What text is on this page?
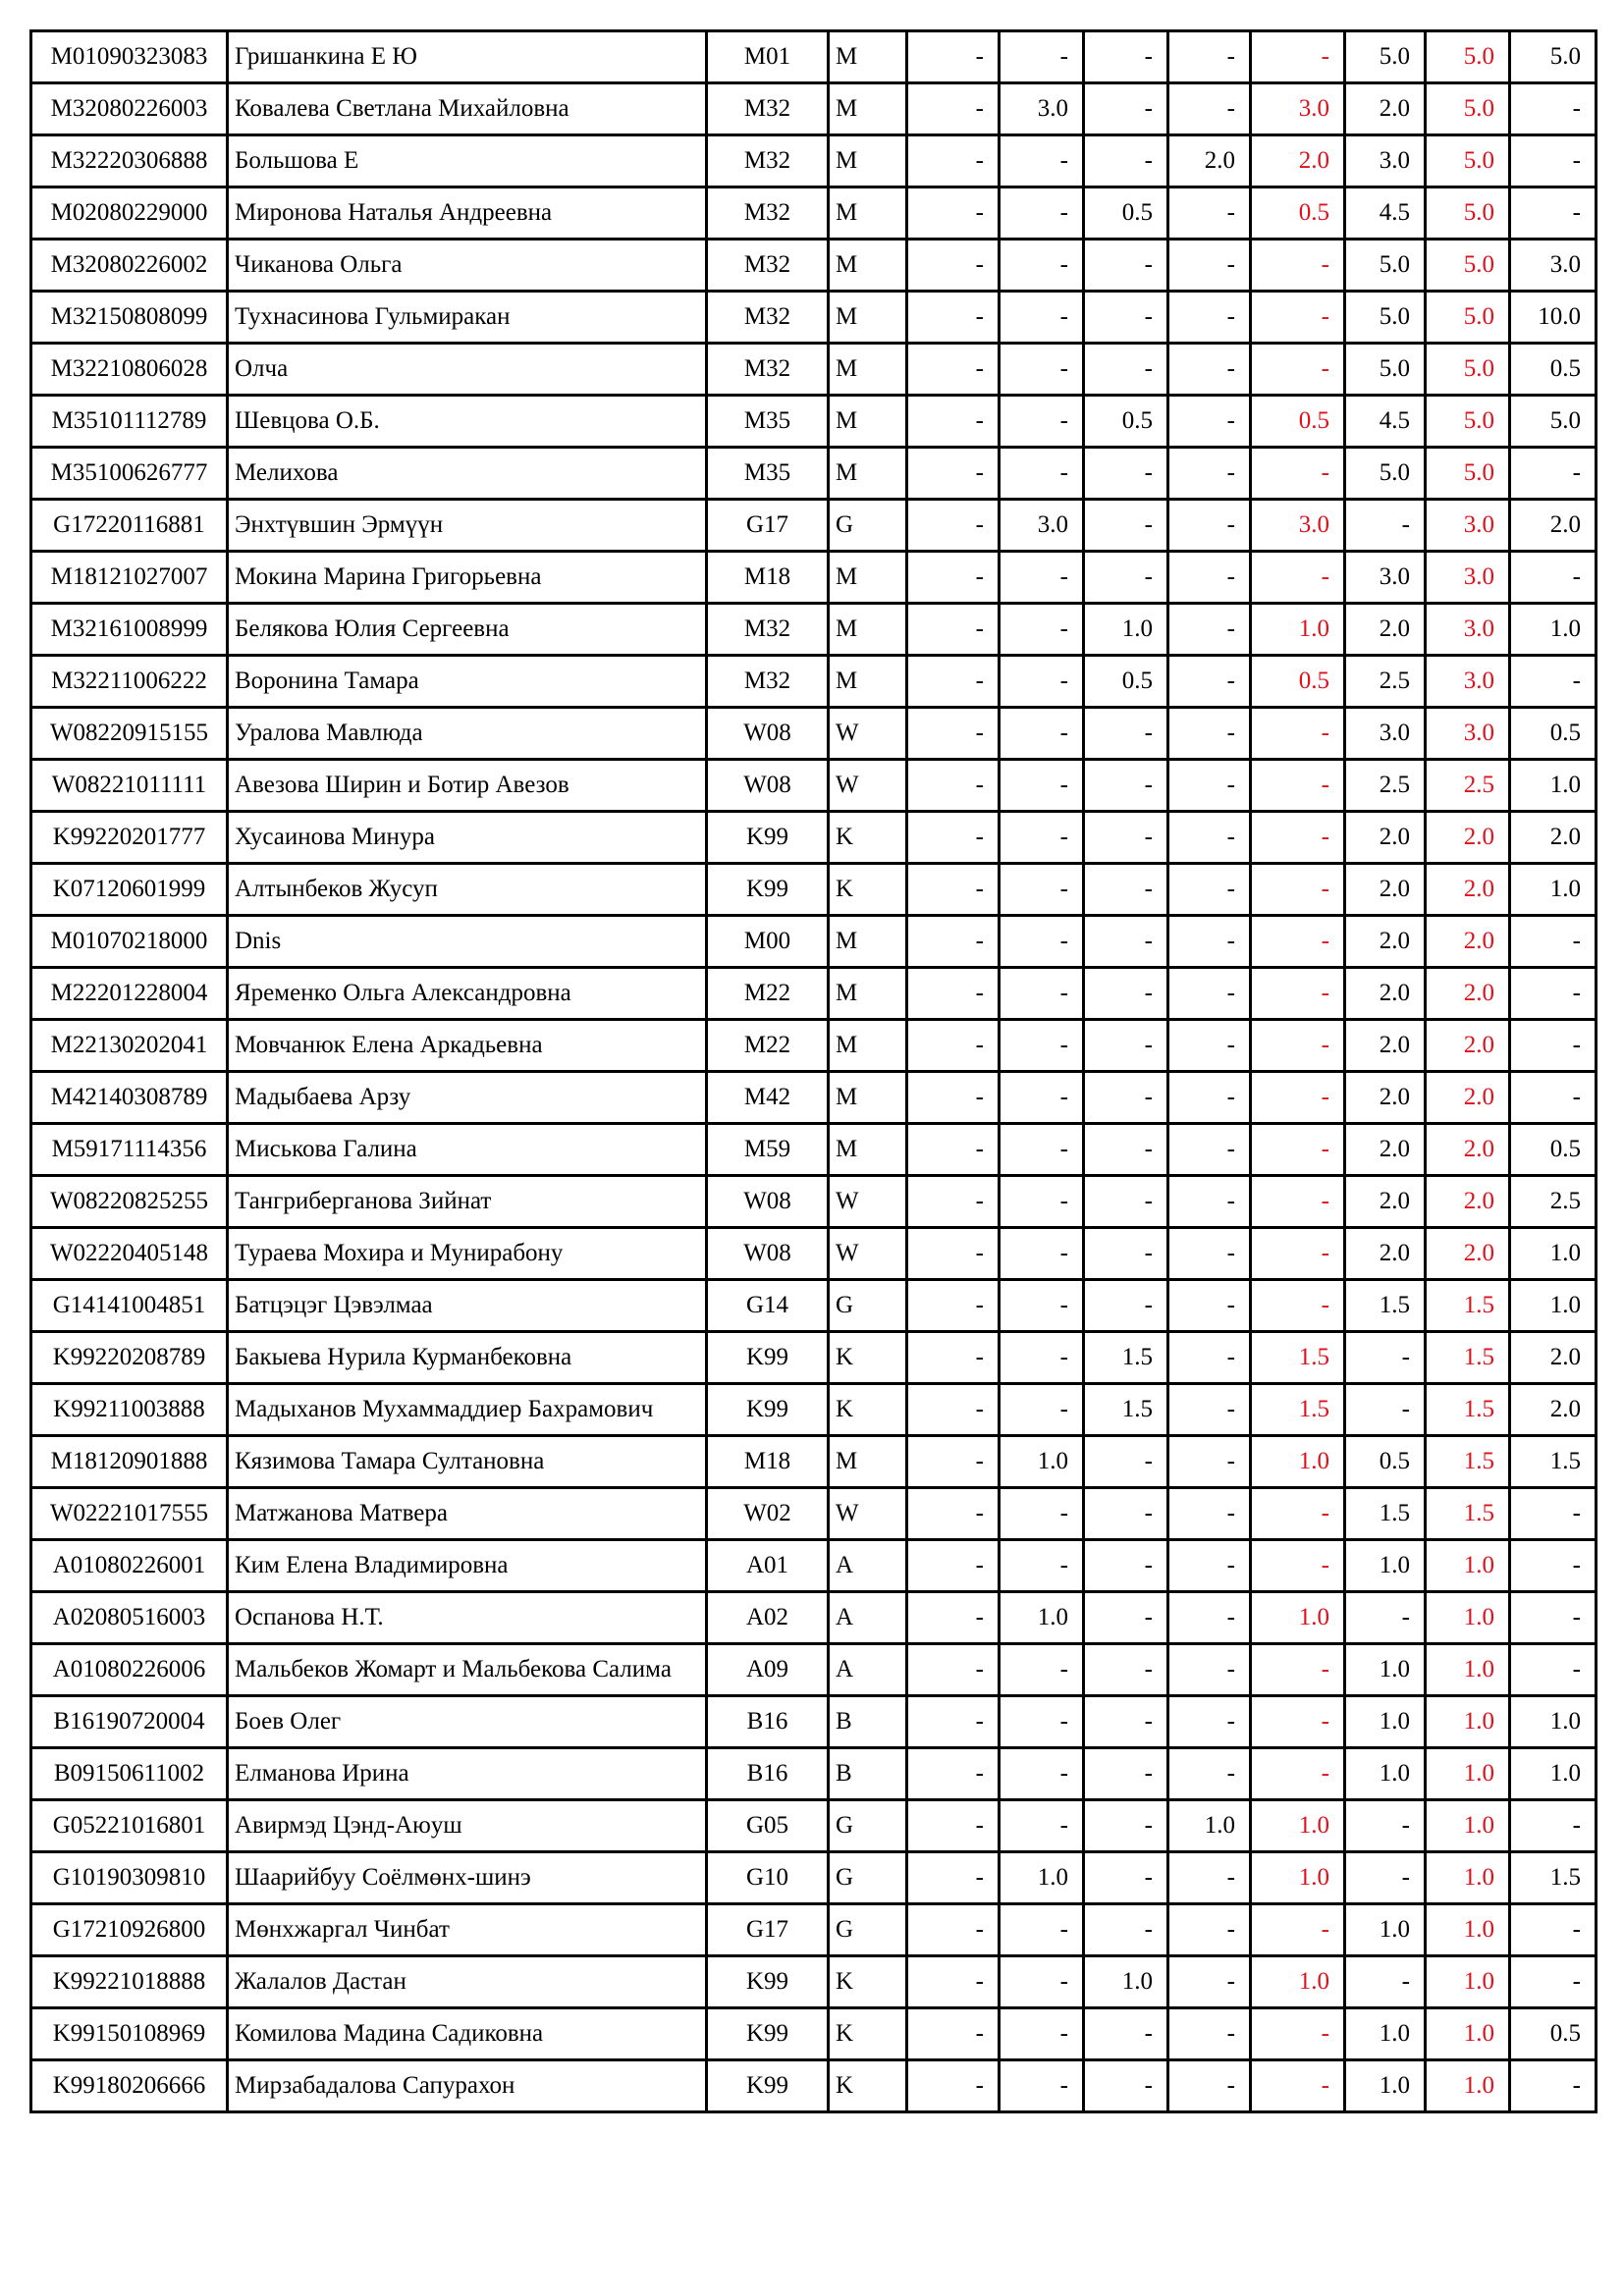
M01090323083	Гришанкина Е Ю	M01	M	-	-	-	-	-	5.0	5.0	5.0
M32080226003	Ковалева Светлана Михайловна	M32	M	-	3.0	-	-	3.0	2.0	5.0	-
M32220306888	Большова Е	M32	M	-	-	-	2.0	2.0	3.0	5.0	-
M02080229000	Миронова Наталья Андреевна	M32	M	-	-	0.5	-	0.5	4.5	5.0	-
M32080226002	Чиканова Ольга	M32	M	-	-	-	-	-	5.0	5.0	3.0
M32150808099	Тухнасинова Гульмиракан	M32	M	-	-	-	-	-	5.0	5.0	10.0
M32210806028	Олча	M32	M	-	-	-	-	-	5.0	5.0	0.5
M35101112789	Шевцова О.Б.	M35	M	-	-	0.5	-	0.5	4.5	5.0	5.0
M35100626777	Мелихова	M35	M	-	-	-	-	-	5.0	5.0	-
G17220116881	Энхтүвшин Эрмүүн	G17	G	-	3.0	-	-	3.0	-	3.0	2.0
M18121027007	Мокина Марина Григорьевна	M18	M	-	-	-	-	-	3.0	3.0	-
M32161008999	Белякова Юлия Сергеевна	M32	M	-	-	1.0	-	1.0	2.0	3.0	1.0
M32211006222	Воронина Тамара	M32	M	-	-	0.5	-	0.5	2.5	3.0	-
W08220915155	Уралова Мавлюда	W08	W	-	-	-	-	-	3.0	3.0	0.5
W08221011111	Авезова Ширин и Ботир Авезов	W08	W	-	-	-	-	-	2.5	2.5	1.0
K99220201777	Хусаинова Минура	K99	K	-	-	-	-	-	2.0	2.0	2.0
K07120601999	Алтынбеков Жусуп	K99	K	-	-	-	-	-	2.0	2.0	1.0
M01070218000	Dnis	M00	M	-	-	-	-	-	2.0	2.0	-
M22201228004	Яременко Ольга Александровна	M22	M	-	-	-	-	-	2.0	2.0	-
M22130202041	Мовчанюк Елена Аркадьевна	M22	M	-	-	-	-	-	2.0	2.0	-
M42140308789	Мадыбаева Арзу	M42	M	-	-	-	-	-	2.0	2.0	-
M59171114356	Миськова Галина	M59	M	-	-	-	-	-	2.0	2.0	0.5
W08220825255	Тангриберганова Зийнат	W08	W	-	-	-	-	-	2.0	2.0	2.5
W02220405148	Тураева Мохира и Мунирабону	W08	W	-	-	-	-	-	2.0	2.0	1.0
G14141004851	Батцэцэг Цэвэлмаа	G14	G	-	-	-	-	-	1.5	1.5	1.0
K99220208789	Бакыева Нурила Курманбековна	K99	K	-	-	1.5	-	1.5	-	1.5	2.0
K99211003888	Мадыханов Мухаммаддиер Бахрамович	K99	K	-	-	1.5	-	1.5	-	1.5	2.0
M18120901888	Кязимова Тамара Султановна	M18	M	-	1.0	-	-	1.0	0.5	1.5	1.5
W02221017555	Матжанова Матвера	W02	W	-	-	-	-	-	1.5	1.5	-
A01080226001	Ким Елена Владимировна	A01	A	-	-	-	-	-	1.0	1.0	-
A02080516003	Оспанова Н.Т.	A02	A	-	1.0	-	-	1.0	-	1.0	-
A01080226006	Мальбеков Жомарт и Мальбекова Салима	A09	A	-	-	-	-	-	1.0	1.0	-
B16190720004	Боев Олег	B16	B	-	-	-	-	-	1.0	1.0	1.0
B09150611002	Елманова Ирина	B16	B	-	-	-	-	-	1.0	1.0	1.0
G05221016801	Авирмэд Цэнд-Аюуш	G05	G	-	-	-	1.0	1.0	-	1.0	-
G10190309810	Шаарийбуу Соёлмөнх-шинэ	G10	G	-	1.0	-	-	1.0	-	1.0	1.5
G17210926800	Мөнхжаргал Чинбат	G17	G	-	-	-	-	-	1.0	1.0	-
K99221018888	Жалалов Дастан	K99	K	-	-	1.0	-	1.0	-	1.0	-
K99150108969	Комилова Мадина Садиковна	K99	K	-	-	-	-	-	1.0	1.0	0.5
K99180206666	Мирзабадалова Сапурахон	K99	K	-	-	-	-	-	1.0	1.0	-
